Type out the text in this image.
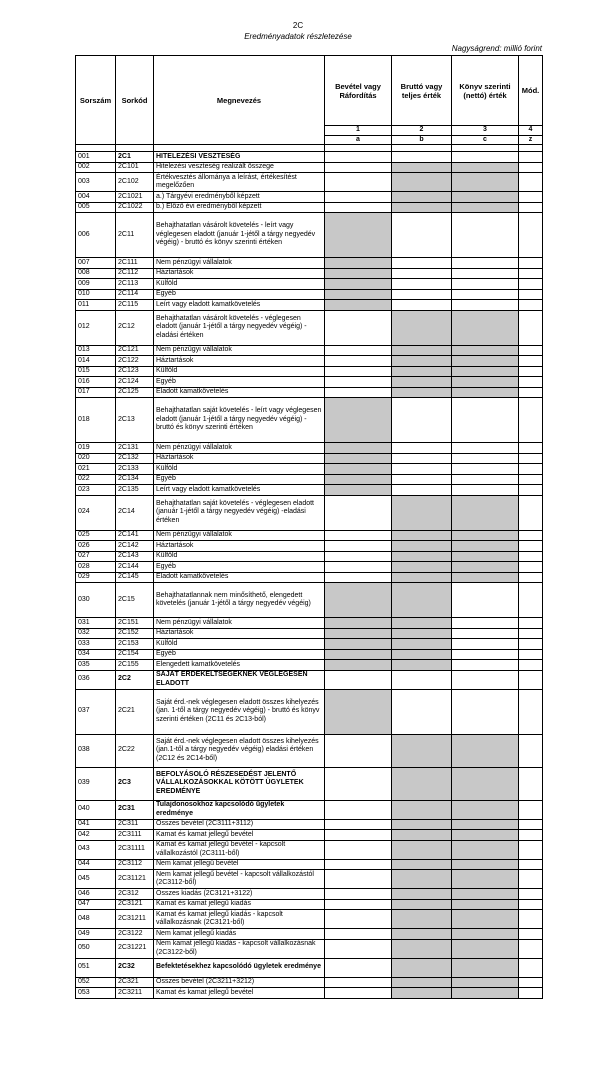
2C
Eredményadatok részletezése
Nagyságrend: millió forint
Sorszám	Sorkód	Megnevezés	Bevétel vagy Ráfordítás	Bruttó vagy teljes érték	Könyv szerinti (nettó) érték	Mód.
			1	2	3	4
			a	b	c	z

001	2C1	HITELEZÉSI VESZTESÉG				
002	2C101	Hitelezési veszteség realizált összege				
003	2C102	Értékvesztés állománya a leírást, értékesítést megelőzően				
004	2C1021	a.) Tárgyévi eredményből képzett				
005	2C1022	b.) Előző évi eredményből képzett				
006	2C11	Behajthatatlan vásárolt követelés - leírt vagy véglegesen eladott (január 1-jétől a tárgy negyedév végéig) - bruttó és könyv szerinti értéken				
007	2C111	Nem pénzügyi vállalatok				
008	2C112	Háztartások				
009	2C113	Külföld				
010	2C114	Egyéb				
011	2C115	Leírt vagy eladott kamatkövetelés				
012	2C12	Behajthatatlan vásárolt követelés - véglegesen eladott (január 1-jétől a tárgy negyedév végéig) -eladási értéken				
013	2C121	Nem pénzügyi vállalatok				
014	2C122	Háztartások				
015	2C123	Külföld				
016	2C124	Egyéb				
017	2C125	Eladott kamatkövetelés				
018	2C13	Behajthatatlan saját követelés - leírt vagy véglegesen eladott (január 1-jétől a tárgy negyedév végéig) - bruttó és könyv szerinti értéken				
019	2C131	Nem pénzügyi vállalatok				
020	2C132	Háztartások				
021	2C133	Külföld				
022	2C134	Egyéb				
023	2C135	Leírt vagy eladott kamatkövetelés				
024	2C14	Behajthatatlan saját követelés - véglegesen eladott (január 1-jétől a tárgy negyedév végéig) -eladási értéken				
025	2C141	Nem pénzügyi vállalatok				
026	2C142	Háztartások				
027	2C143	Külföld				
028	2C144	Egyéb				
029	2C145	Eladott kamatkövetelés				
030	2C15	Behajthatatlannak nem minősíthető, elengedett követelés (január 1-jétől a tárgy negyedév végéig)				
031	2C151	Nem pénzügyi vállalatok				
032	2C152	Háztartások				
033	2C153	Külföld				
034	2C154	Egyéb				
035	2C155	Elengedett kamatkövetelés				
036	2C2	SAJÁT ÉRDEKELTSÉGEKNEK VÉGLEGESEN ELADOTT				
037	2C21	Saját érd.-nek véglegesen eladott összes kihelyezés (jan. 1-től a tárgy negyedév végéig) - bruttó és könyv szerinti értéken (2C11 és 2C13-ból)				
038	2C22	Saját érd.-nek véglegesen eladott összes kihelyezés (jan.1-től a tárgy negyedév végéig) eladási értéken (2C12 és 2C14-ből)				
039	2C3	BEFOLYÁSOLÓ RÉSZESEDÉST JELENTŐ VÁLLALKOZÁSOKKAL KÖTÖTT ÜGYLETEK EREDMÉNYE				
040	2C31	Tulajdonosokhoz kapcsolódó ügyletek eredménye				
041	2C311	Összes bevétel (2C3111+3112)				
042	2C3111	Kamat és kamat jellegű bevétel				
043	2C31111	Kamat és kamat jellegű bevétel - kapcsolt vállalkozástól (2C3111-ből)				
044	2C3112	Nem kamat jellegű bevétel				
045	2C31121	Nem kamat jellegű bevétel - kapcsolt vállalkozástól (2C3112-ből)				
046	2C312	Összes kiadás (2C3121+3122)				
047	2C3121	Kamat és kamat jellegű kiadás				
048	2C31211	Kamat és kamat jellegű kiadás - kapcsolt vállalkozásnak (2C3121-ből)				
049	2C3122	Nem kamat jellegű kiadás				
050	2C31221	Nem kamat jellegű kiadás - kapcsolt vállalkozásnak (2C3122-ből)				
051	2C32	Befektetésekhez kapcsolódó ügyletek eredménye				
052	2C321	Összes bevétel (2C3211+3212)				
053	2C3211	Kamat és kamat jellegű bevétel				
